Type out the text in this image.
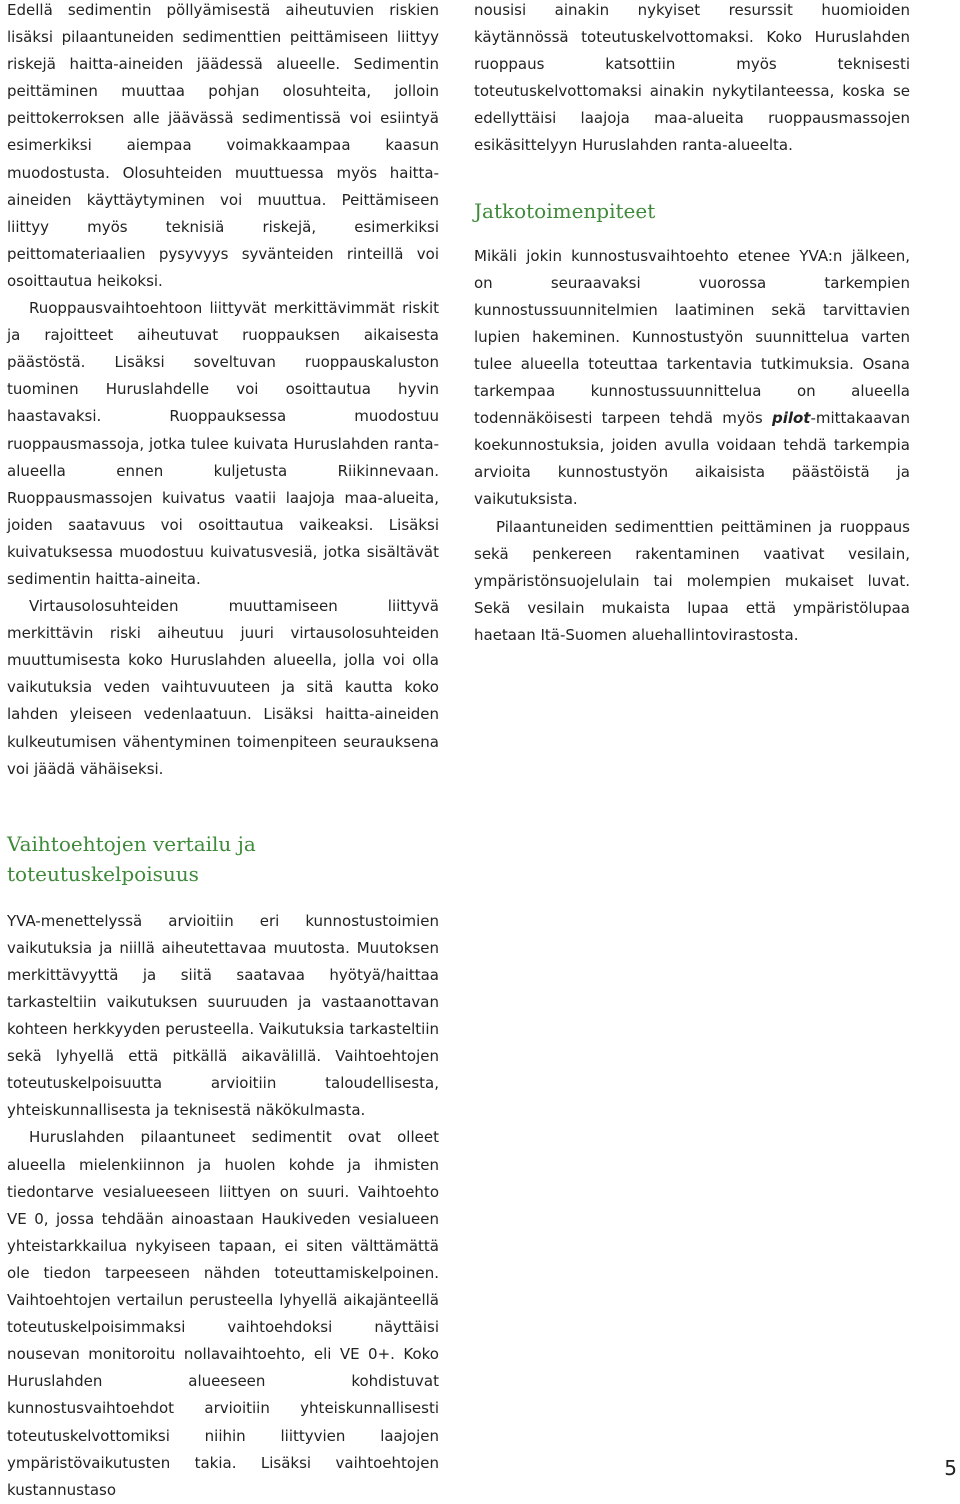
Edellä sedimentin pöllyämisestä aiheutuvien riskien lisäksi pilaantuneiden sedimenttien peittämiseen liittyy riskejä haitta-aineiden jäädessä alueelle. Sedimentin peittäminen muuttaa pohjan olosuhteita, jolloin peittokerroksen alle jäävässä sedimentissä voi esiintyä esimerkiksi aiempaa voimakkaampaa kaasun muodostusta. Olosuhteiden muuttuessa myös haitta-aineiden käyttäytyminen voi muuttua. Peittämiseen liittyy myös teknisiä riskejä, esimerkiksi peittomateriaalien pysyvyys syvänteiden rinteillä voi osoittautua heikoksi.

Ruoppausvaihtoehtoon liittyvät merkittävimmät riskit ja rajoitteet aiheutuvat ruoppauksen aikaisesta päästöstä. Lisäksi soveltuvan ruoppauskaluston tuominen Huruslahdelle voi osoittautua hyvin haastavaksi. Ruoppauksessa muodostuu ruoppausmassoja, jotka tulee kuivata Huruslahden ranta-alueella ennen kuljetusta Riikinnevaan. Ruoppausmassojen kuivatus vaatii laajoja maa-alueita, joiden saatavuus voi osoittautua vaikeaksi. Lisäksi kuivatuksessa muodostuu kuivatusvesiä, jotka sisältävät sedimentin haitta-aineita.

Virtausolosuhteiden muuttamiseen liittyvä merkittävin riski aiheutuu juuri virtausolosuhteiden muuttumisesta koko Huruslahden alueella, jolla voi olla vaikutuksia veden vaihtuvuuteen ja sitä kautta koko lahden yleiseen vedenlaatuun. Lisäksi haitta-aineiden kulkeutumisen vähentyminen toimenpiteen seurauksena voi jäädä vähäiseksi.

Vaihtoehtojen vertailu ja toteutuskelpoisuus

YVA-menettelyssä arvioitiin eri kunnostustoimien vaikutuksia ja niillä aiheutettavaa muutosta. Muutoksen merkittävyyttä ja siitä saatavaa hyötyä/haittaa tarkasteltiin vaikutuksen suuruuden ja vastaanottavan kohteen herkkyyden perusteella. Vaikutuksia tarkasteltiin sekä lyhyellä että pitkällä aikavälillä. Vaihtoehtojen toteutuskelpoisuutta arvioitiin taloudellisesta, yhteiskunnallisesta ja teknisestä näkökulmasta.

Huruslahden pilaantuneet sedimentit ovat olleet alueella mielenkiinnon ja huolen kohde ja ihmisten tiedontarve vesialueeseen liittyen on suuri. Vaihtoehto VE 0, jossa tehdään ainoastaan Haukiveden vesialueen yhteistarkkailua nykyiseen tapaan, ei siten välttämättä ole tiedon tarpeeseen nähden toteuttamiskelpoinen. Vaihtoehtojen vertailun perusteella lyhyellä aikajänteellä toteutuskelpoisimmaksi vaihtoehdoksi näyttäisi nousevan monitoroitu nollavaihtoehto, eli VE 0+. Koko Huruslahden alueeseen kohdistuvat kunnostusvaihtoehdot arvioitiin yhteiskunnallisesti toteutuskelvottomiksi niihin liittyvien laajojen ympäristövaikutusten takia. Lisäksi vaihtoehtojen kustannustaso

nousisi ainakin nykyiset resurssit huomioiden käytännössä toteutuskelvottomaksi. Koko Huruslahden ruoppaus katsottiin myös teknisesti toteutuskelvottomaksi ainakin nykytilanteessa, koska se edellyttäisi laajoja maa-alueita ruoppausmassojen esikäsittelyyn Huruslahden ranta-alueelta.

Jatkotoimenpiteet

Mikäli jokin kunnostusvaihtoehto etenee YVA:n jälkeen, on seuraavaksi vuorossa tarkempien kunnostussuunnitelmien laatiminen sekä tarvittavien lupien hakeminen. Kunnostustyön suunnittelua varten tulee alueella toteuttaa tarkentavia tutkimuksia. Osana tarkempaa kunnostussuunnittelua on alueella todennäköisesti tarpeen tehdä myös pilot-mittakaavan koekunnostuksia, joiden avulla voidaan tehdä tarkempia arvioita kunnostustyön aikaisista päästöistä ja vaikutuksista.

Pilaantuneiden sedimenttien peittäminen ja ruoppaus sekä penkereen rakentaminen vaativat vesilain, ympäristönsuojelulain tai molempien mukaiset luvat. Sekä vesilain mukaista lupaa että ympäristölupaa haetaan Itä-Suomen aluehallintovirastosta.

5
